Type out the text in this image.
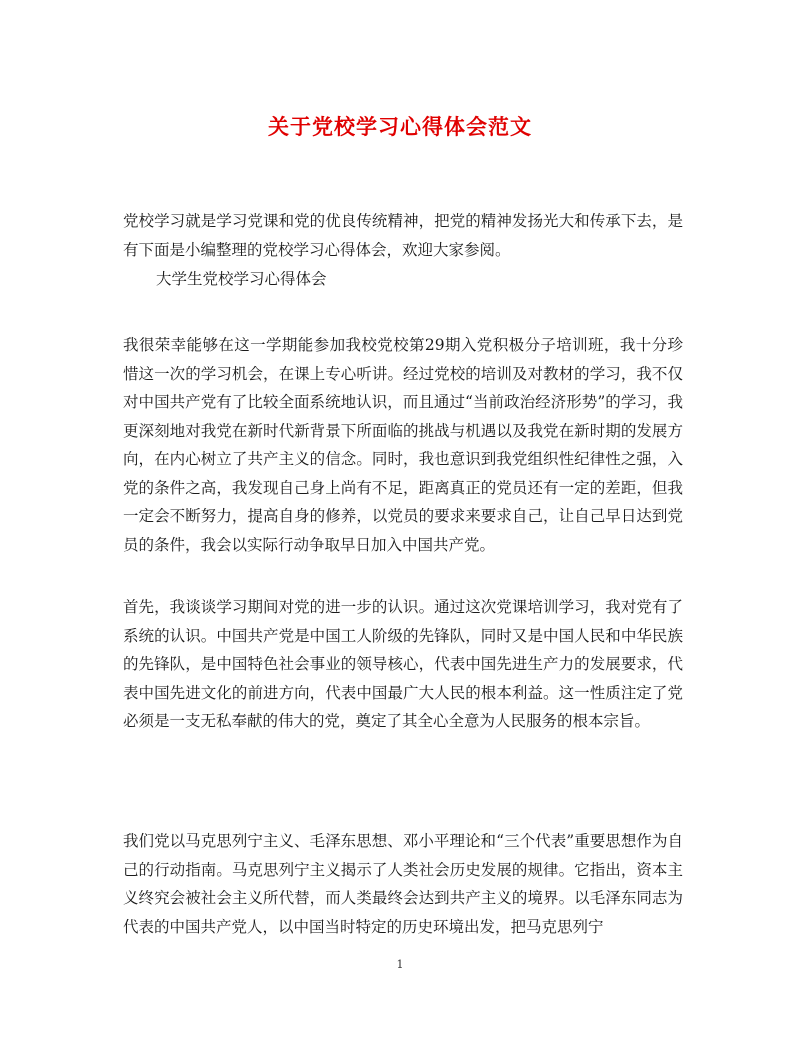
关于党校学习心得体会范文
党校学习就是学习党课和党的优良传统精神，把党的精神发扬光大和传承下去，是有下面是小编整理的党校学习心得体会，欢迎大家参阅。
大学生党校学习心得体会
我很荣幸能够在这一学期能参加我校党校第29期入党积极分子培训班，我十分珍惜这一次的学习机会，在课上专心听讲。经过党校的培训及对教材的学习，我不仅对中国共产党有了比较全面系统地认识，而且通过“当前政治经济形势”的学习，我更深刻地对我党在新时代新背景下所面临的挑战与机遇以及我党在新时期的发展方向，在内心树立了共产主义的信念。同时，我也意识到我党组织性纪律性之强，入党的条件之高，我发现自己身上尚有不足，距离真正的党员还有一定的差距，但我一定会不断努力，提高自身的修养，以党员的要求来要求自己，让自己早日达到党员的条件，我会以实际行动争取早日加入中国共产党。
首先，我谈谈学习期间对党的进一步的认识。通过这次党课培训学习，我对党有了系统的认识。中国共产党是中国工人阶级的先锋队，同时又是中国人民和中华民族的先锋队，是中国特色社会事业的领导核心，代表中国先进生产力的发展要求，代表中国先进文化的前进方向，代表中国最广大人民的根本利益。这一性质注定了党必须是一支无私奉献的伟大的党，奠定了其全心全意为人民服务的根本宗旨。
我们党以马克思列宁主义、毛泽东思想、邓小平理论和“三个代表”重要思想作为自己的行动指南。马克思列宁主义揭示了人类社会历史发展的规律。它指出，资本主义终究会被社会主义所代替，而人类最终会达到共产主义的境界。以毛泽东同志为代表的中国共产党人，以中国当时特定的历史环境出发，把马克思列宁
1
